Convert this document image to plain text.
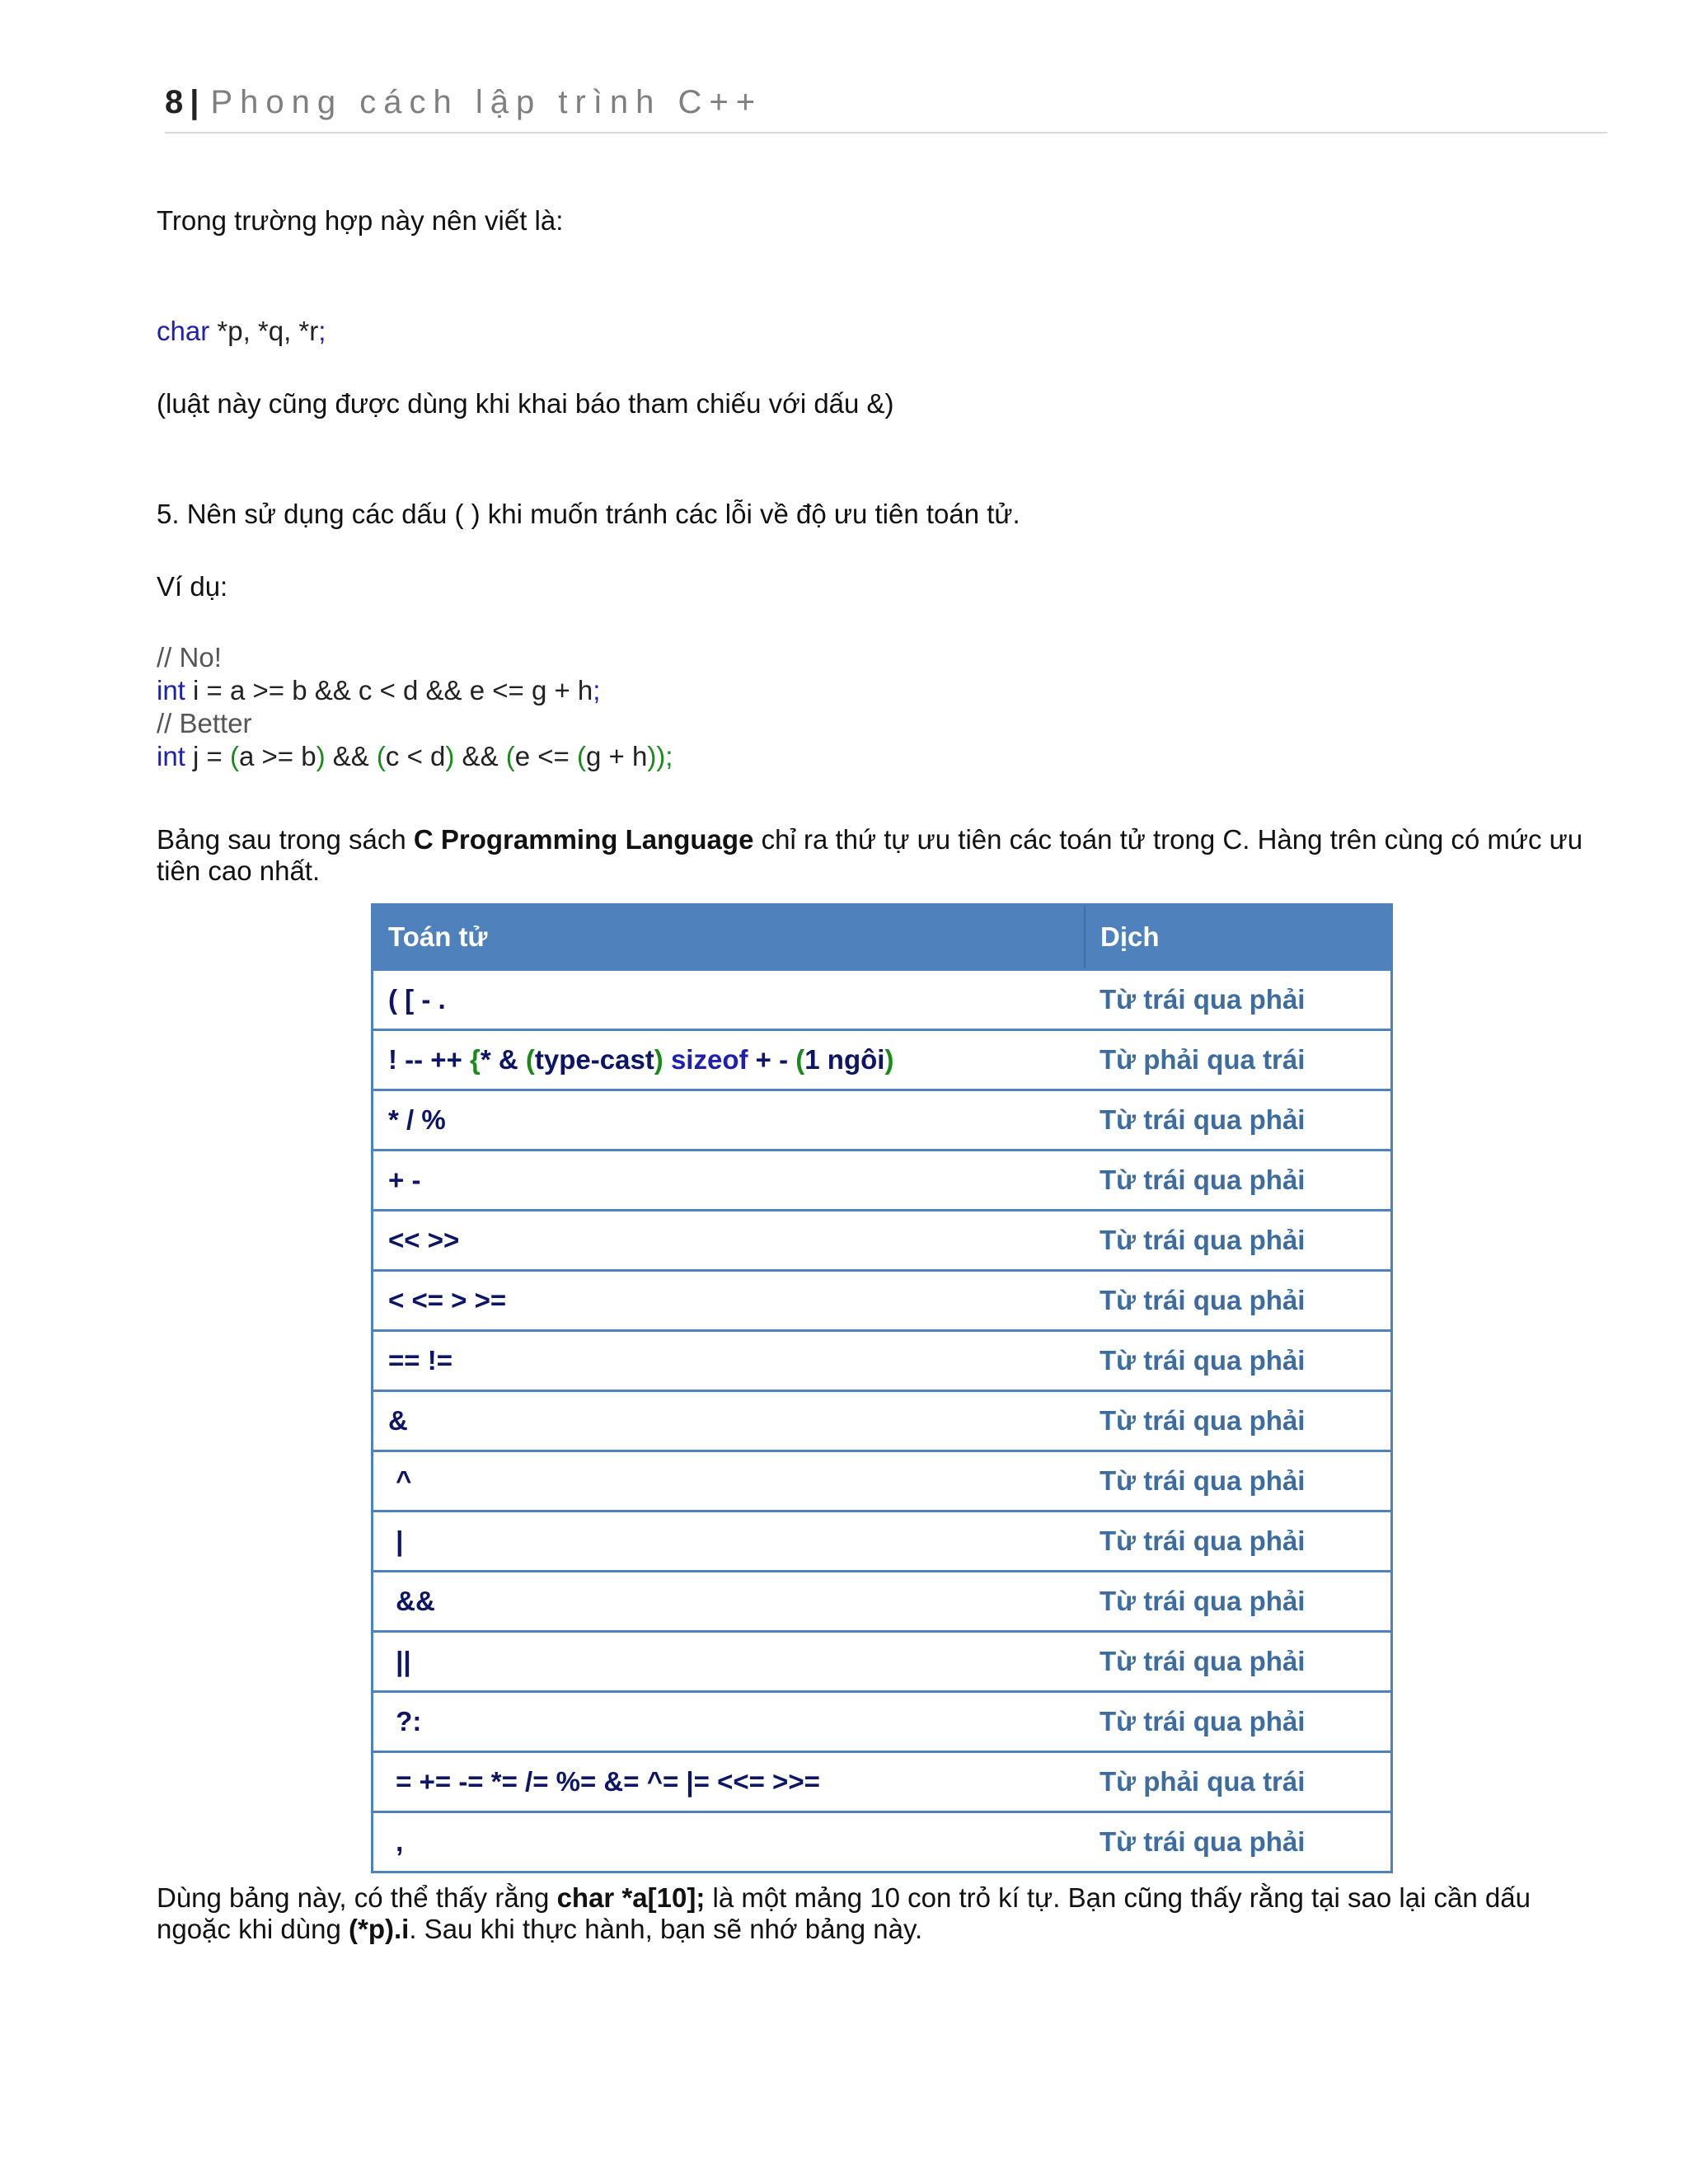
8 | Phong cách lập trình C++
Trong trường hợp này nên viết là:
char *p, *q, *r;
(luật này cũng được dùng khi khai báo tham chiếu với dấu &)
5. Nên sử dụng các dấu ( ) khi muốn tránh các lỗi về độ ưu tiên toán tử.
Ví dụ:
// No!
int i = a >= b && c < d && e <= g + h;
// Better
int j = (a >= b) && (c < d) && (e <= (g + h));
Bảng sau trong sách C Programming Language chỉ ra thứ tự ưu tiên các toán tử trong C. Hàng trên cùng có mức ưu tiên cao nhất.
Toán tử	Dịch
( [ - .	Từ trái qua phải
! -- ++ {* & (type-cast) sizeof + - (1 ngôi)	Từ phải qua trái
* / %	Từ trái qua phải
+ -	Từ trái qua phải
<< >>	Từ trái qua phải
< <= > >=	Từ trái qua phải
== !=	Từ trái qua phải
&	Từ trái qua phải
^	Từ trái qua phải
|	Từ trái qua phải
&&	Từ trái qua phải
||	Từ trái qua phải
?:	Từ trái qua phải
= += -= *= /= %= &= ^= |= <<= >>=	Từ phải qua trái
,	Từ trái qua phải
Dùng bảng này, có thể thấy rằng char *a[10]; là một mảng 10 con trỏ kí tự. Bạn cũng thấy rằng tại sao lại cần dấu ngoặc khi dùng (*p).i. Sau khi thực hành, bạn sẽ nhớ bảng này.
